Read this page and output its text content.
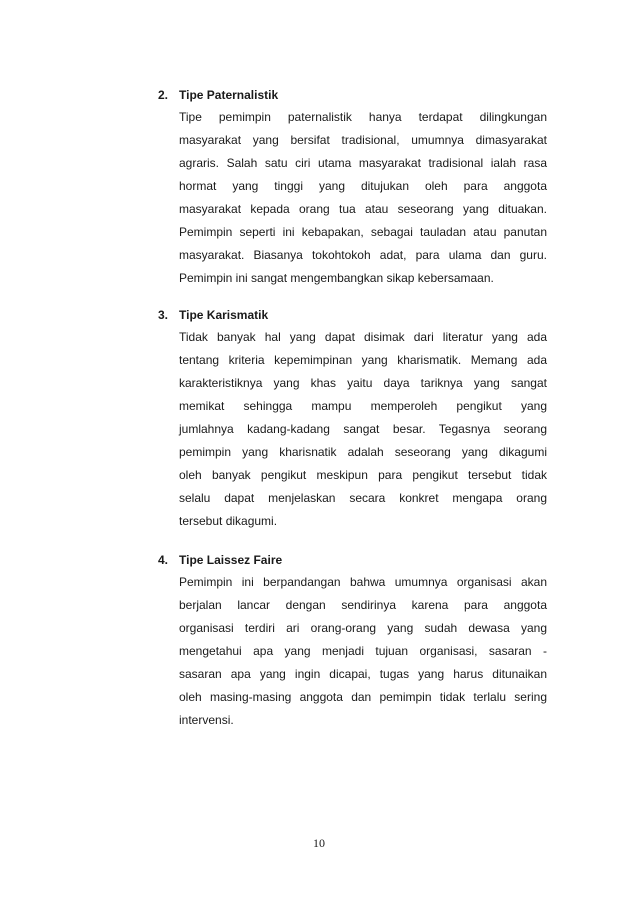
2. Tipe Paternalistik
Tipe pemimpin paternalistik hanya terdapat dilingkungan
masyarakat yang bersifat tradisional, umumnya dimasyarakat
agraris. Salah satu ciri utama masyarakat tradisional ialah rasa
hormat yang tinggi yang ditujukan oleh para anggota
masyarakat kepada orang tua atau seseorang yang dituakan.
Pemimpin seperti ini kebapakan, sebagai tauladan atau panutan
masyarakat. Biasanya tokohtokoh adat, para ulama dan guru.
Pemimpin ini sangat mengembangkan sikap kebersamaan.
3. Tipe Karismatik
Tidak banyak hal yang dapat disimak dari literatur yang ada
tentang kriteria kepemimpinan yang kharismatik. Memang ada
karakteristiknya yang khas yaitu daya tariknya yang sangat
memikat sehingga mampu memperoleh pengikut yang
jumlahnya kadang-kadang sangat besar. Tegasnya seorang
pemimpin yang kharisnatik adalah seseorang yang dikagumi
oleh banyak pengikut meskipun para pengikut tersebut tidak
selalu dapat menjelaskan secara konkret mengapa orang
tersebut dikagumi.
4. Tipe Laissez Faire
Pemimpin ini berpandangan bahwa umumnya organisasi akan
berjalan lancar dengan sendirinya karena para anggota
organisasi terdiri ari orang-orang yang sudah dewasa yang
mengetahui apa yang menjadi tujuan organisasi, sasaran -
sasaran apa yang ingin dicapai, tugas yang harus ditunaikan
oleh masing-masing anggota dan pemimpin tidak terlalu sering
intervensi.
10
